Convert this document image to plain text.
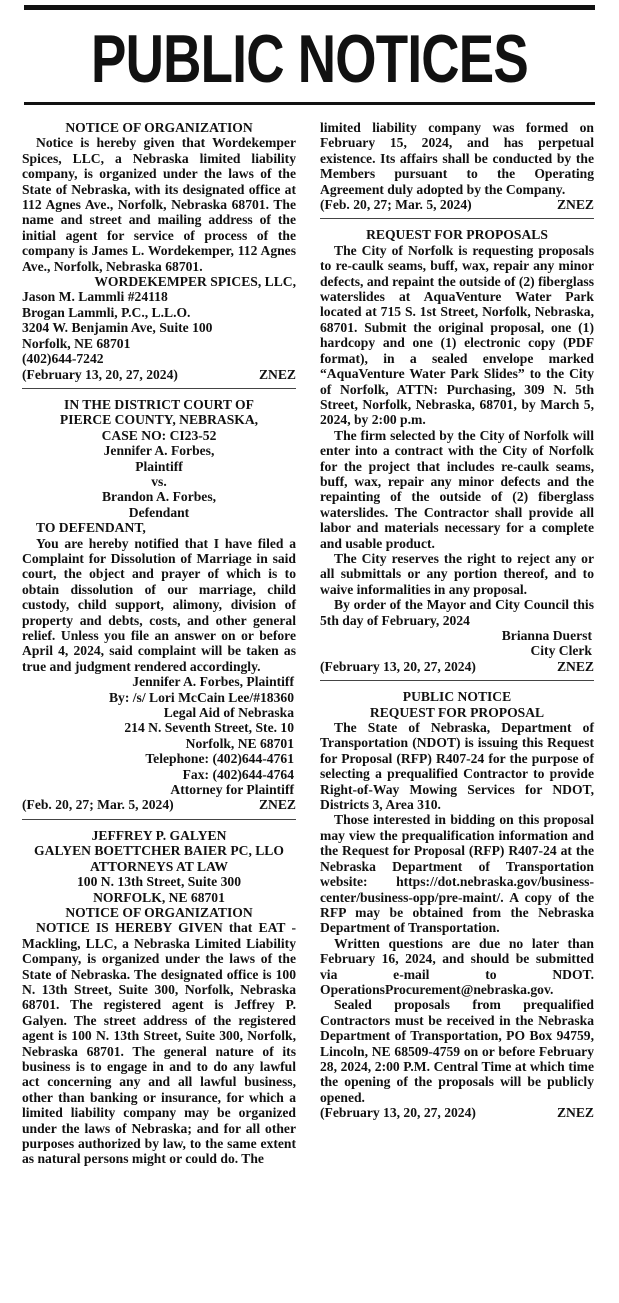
PUBLIC NOTICES

NOTICE OF ORGANIZATION

Notice is hereby given that Wordekemper Spices, LLC, a Nebraska limited liability company, is organized under the laws of the State of Nebraska, with its designated office at 112 Agnes Ave., Norfolk, Nebraska 68701. The name and street and mailing address of the initial agent for service of process of the company is James L. Wordekemper, 112 Agnes Ave., Norfolk, Nebraska 68701.

WORDEKEMPER SPICES, LLC,

Jason M. Lammli #24118

Brogan Lammli, P.C., L.L.O.

3204 W. Benjamin Ave, Suite 100

Norfolk, NE 68701

(402)644-7242

(February 13, 20, 27, 2024)	ZNEZ

IN THE DISTRICT COURT OF

PIERCE COUNTY, NEBRASKA,

CASE NO: CI23-52

Jennifer A. Forbes,

Plaintiff

vs.

Brandon A. Forbes,

Defendant

TO DEFENDANT,

You are hereby notified that I have filed a Complaint for Dissolution of Marriage in said court, the object and prayer of which is to obtain dissolution of our marriage, child custody, child support, alimony, division of property and debts, costs, and other general relief. Unless you file an answer on or before April 4, 2024, said complaint will be taken as true and judgment rendered accordingly.

Jennifer A. Forbes, Plaintiff

By: /s/ Lori McCain Lee/#18360

Legal Aid of Nebraska

214 N. Seventh Street, Ste. 10

Norfolk, NE 68701

Telephone: (402)644-4761

Fax: (402)644-4764

Attorney for Plaintiff

(Feb. 20, 27; Mar. 5, 2024)	ZNEZ

JEFFREY P. GALYEN

GALYEN BOETTCHER BAIER PC, LLO

ATTORNEYS AT LAW

100 N. 13th Street, Suite 300

NORFOLK, NE 68701

NOTICE OF ORGANIZATION

NOTICE IS HEREBY GIVEN that EAT - Mackling, LLC, a Nebraska Limited Liability Company, is organized under the laws of the State of Nebraska. The designated office is 100 N. 13th Street, Suite 300, Norfolk, Nebraska 68701. The registered agent is Jeffrey P. Galyen. The street address of the registered agent is 100 N. 13th Street, Suite 300, Norfolk, Nebraska 68701. The general nature of its business is to engage in and to do any lawful act concerning any and all lawful business, other than banking or insurance, for which a limited liability company may be organized under the laws of Nebraska; and for all other purposes authorized by law, to the same extent as natural persons might or could do. The

limited liability company was formed on February 15, 2024, and has perpetual existence. Its affairs shall be conducted by the Members pursuant to the Operating Agreement duly adopted by the Company.

(Feb. 20, 27; Mar. 5, 2024)	ZNEZ

REQUEST FOR PROPOSALS

The City of Norfolk is requesting proposals to re-caulk seams, buff, wax, repair any minor defects, and repaint the outside of (2) fiberglass waterslides at AquaVenture Water Park located at 715 S. 1st Street, Norfolk, Nebraska, 68701. Submit the original proposal, one (1) hardcopy and one (1) electronic copy (PDF format), in a sealed envelope marked “AquaVenture Water Park Slides” to the City of Norfolk, ATTN: Purchasing, 309 N. 5th Street, Norfolk, Nebraska, 68701, by March 5, 2024, by 2:00 p.m.

The firm selected by the City of Norfolk will enter into a contract with the City of Norfolk for the project that includes re-caulk seams, buff, wax, repair any minor defects and the repainting of the outside of (2) fiberglass waterslides. The Contractor shall provide all labor and materials necessary for a complete and usable product.

The City reserves the right to reject any or all submittals or any portion thereof, and to waive informalities in any proposal.

By order of the Mayor and City Council this 5th day of February, 2024

Brianna Duerst

City Clerk

(February 13, 20, 27, 2024)	ZNEZ

PUBLIC NOTICE

REQUEST FOR PROPOSAL

The State of Nebraska, Department of Transportation (NDOT) is issuing this Request for Proposal (RFP) R407-24 for the purpose of selecting a prequalified Contractor to provide Right-of-Way Mowing Services for NDOT, Districts 3, Area 310.

Those interested in bidding on this proposal may view the prequalification information and the Request for Proposal (RFP) R407-24 at the Nebraska Department of Transportation website: https://dot.nebraska.gov/business-center/business-opp/pre-maint/. A copy of the RFP may be obtained from the Nebraska Department of Transportation.

Written questions are due no later than February 16, 2024, and should be submitted via e-mail to NDOT. OperationsProcurement@nebraska.gov.

Sealed proposals from prequalified Contractors must be received in the Nebraska Department of Transportation, PO Box 94759, Lincoln, NE 68509-4759 on or before February 28, 2024, 2:00 P.M. Central Time at which time the opening of the proposals will be publicly opened.

(February 13, 20, 27, 2024)	ZNEZ
